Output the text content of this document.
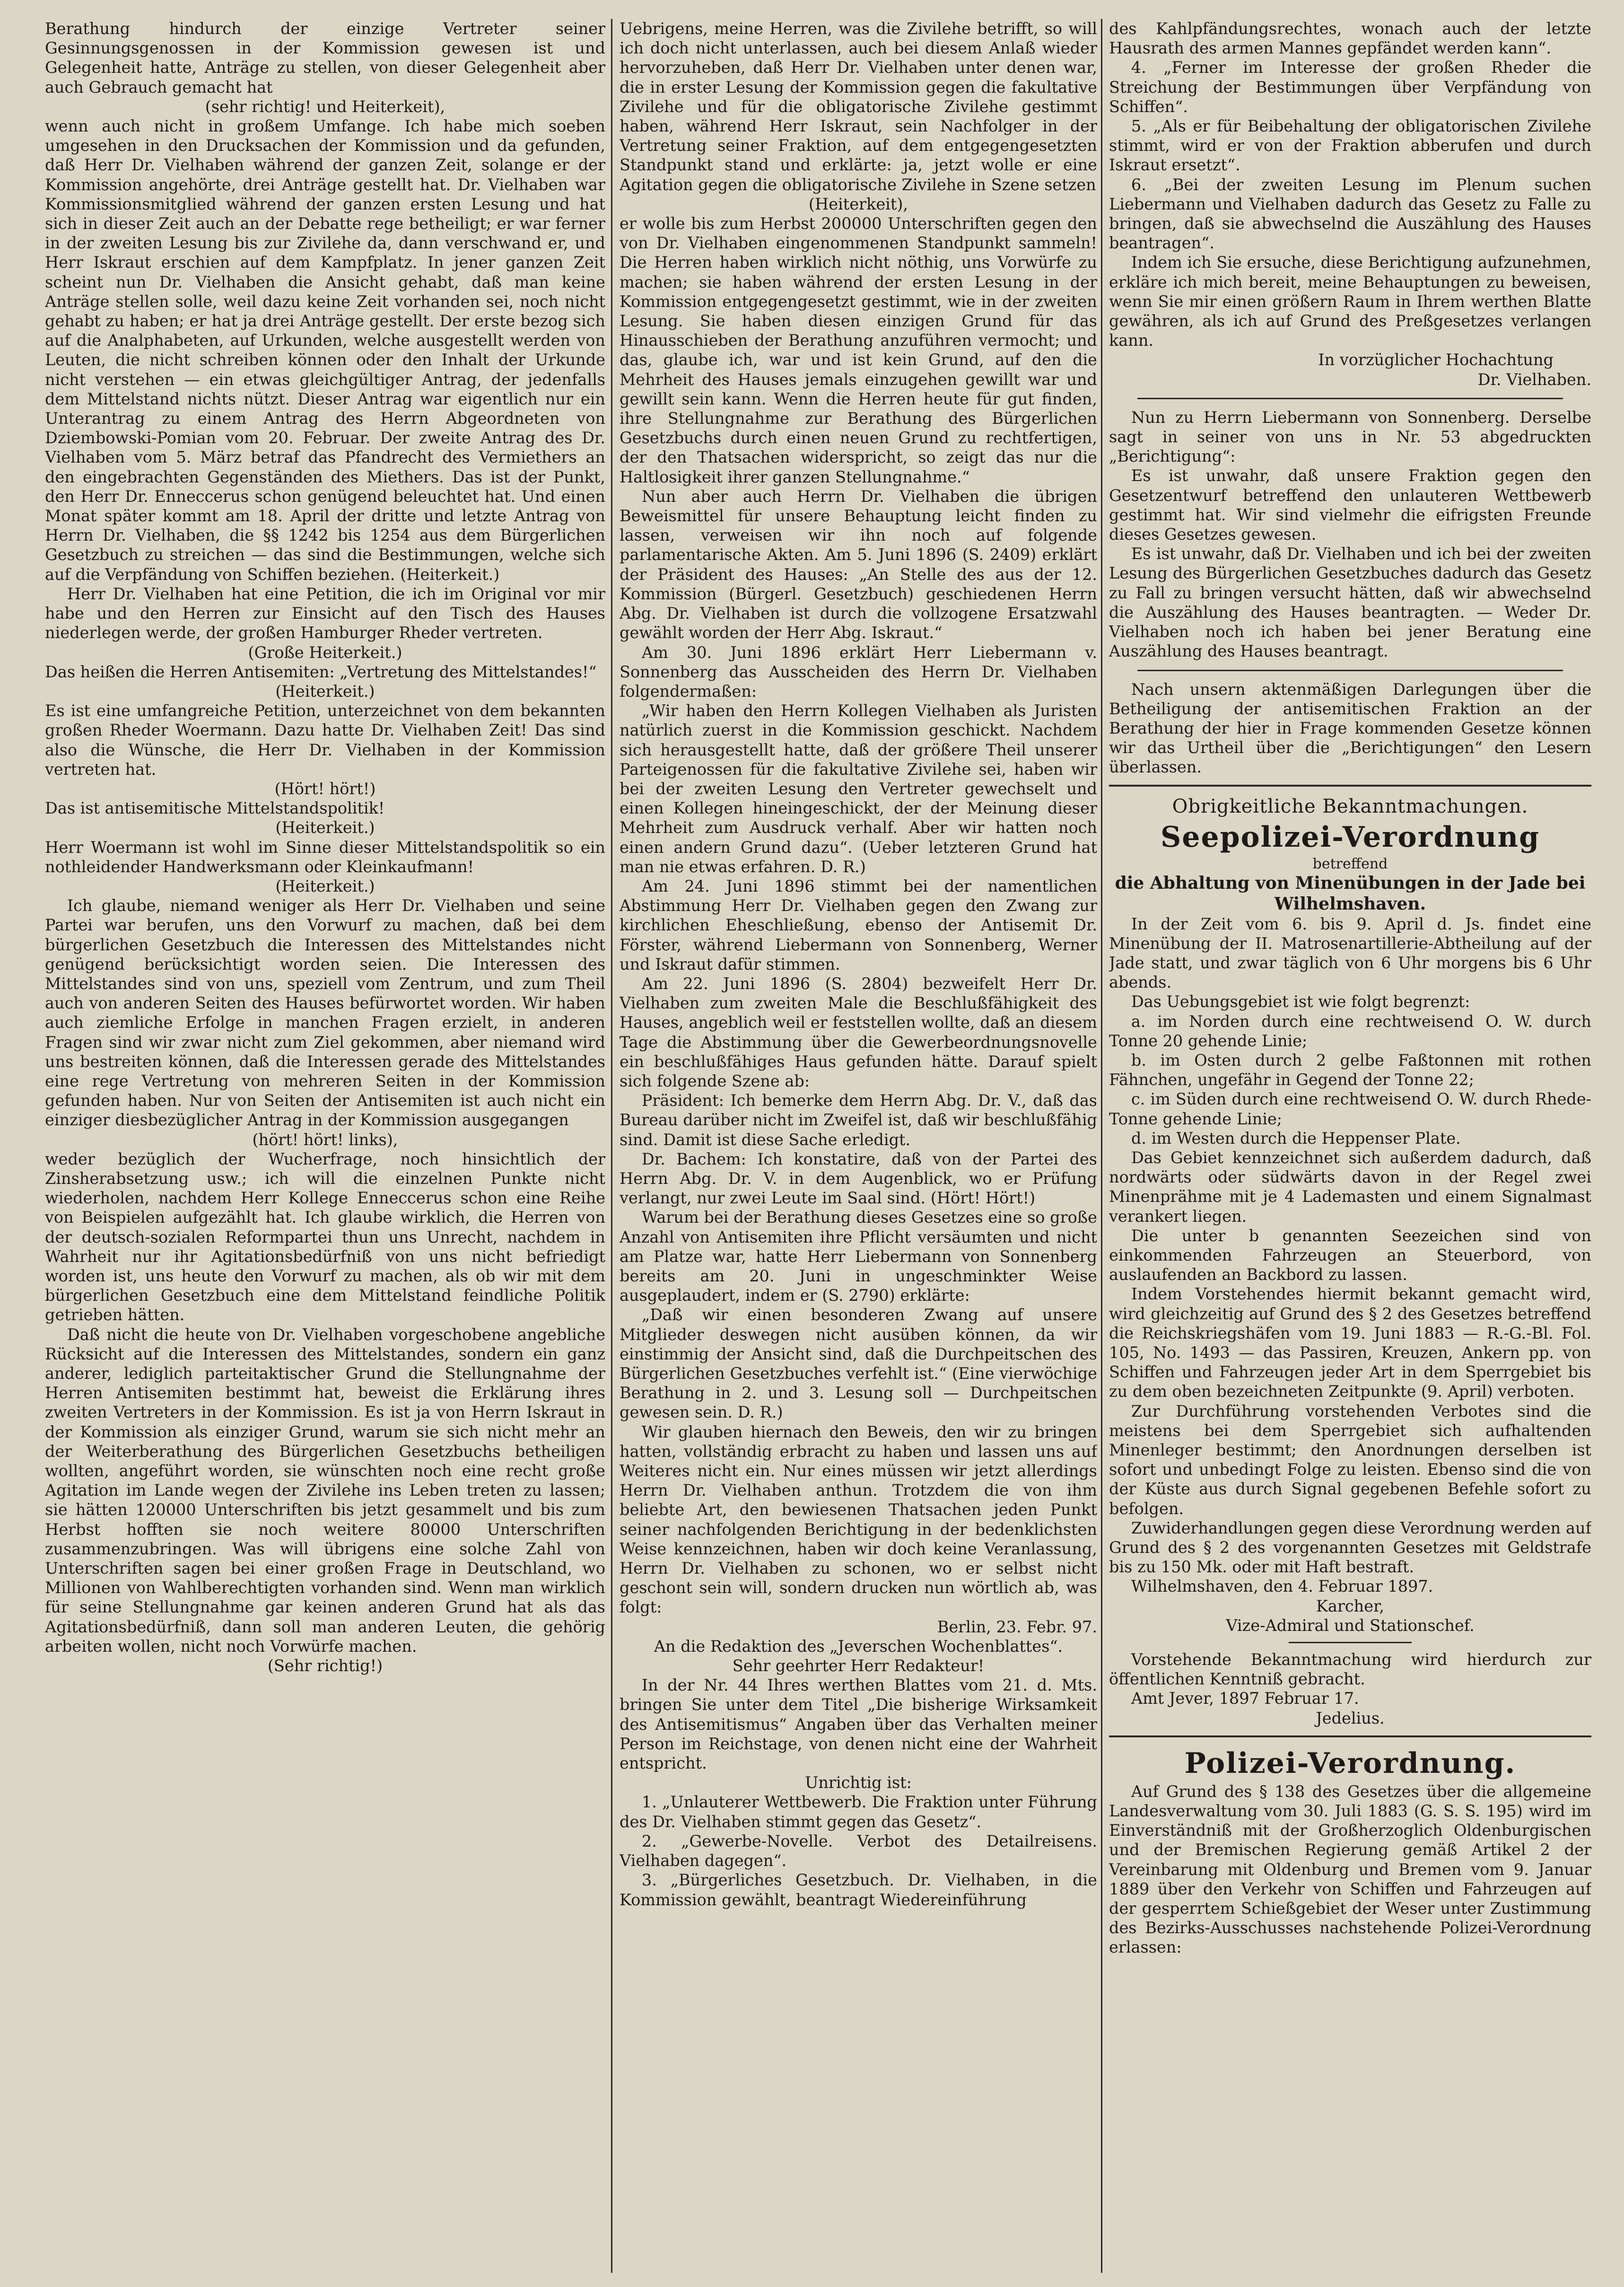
Berathung hindurch der einzige Vertreter seiner Gesinnungsgenossen in der Kommission gewesen ist und Gelegenheit hatte, Anträge zu stellen, von dieser Gelegenheit aber auch Gebrauch gemacht hat

(sehr richtig! und Heiterkeit),

wenn auch nicht in großem Umfange. Ich habe mich soeben umgesehen in den Drucksachen der Kommission und da gefunden, daß Herr Dr. Vielhaben während der ganzen Zeit, solange er der Kommission angehörte, drei Anträge gestellt hat. Dr. Vielhaben war Kommissionsmitglied während der ganzen ersten Lesung und hat sich in dieser Zeit auch an der Debatte rege betheiligt; er war ferner in der zweiten Lesung bis zur Zivilehe da, dann verschwand er, und Herr Iskraut erschien auf dem Kampfplatz. In jener ganzen Zeit scheint nun Dr. Vielhaben die Ansicht gehabt, daß man keine Anträge stellen solle, weil dazu keine Zeit vorhanden sei, noch nicht gehabt zu haben; er hat ja drei Anträge gestellt. Der erste bezog sich auf die Analphabeten, auf Urkunden, welche ausgestellt werden von Leuten, die nicht schreiben können oder den Inhalt der Urkunde nicht verstehen — ein etwas gleichgültiger Antrag, der jedenfalls dem Mittelstand nichts nützt. Dieser Antrag war eigentlich nur ein Unterantrag zu einem Antrag des Herrn Abgeordneten von Dziembowski-Pomian vom 20. Februar. Der zweite Antrag des Dr. Vielhaben vom 5. März betraf das Pfandrecht des Vermiethers an den eingebrachten Gegenständen des Miethers. Das ist der Punkt, den Herr Dr. Enneccerus schon genügend beleuchtet hat. Und einen Monat später kommt am 18. April der dritte und letzte Antrag von Herrn Dr. Vielhaben, die §§ 1242 bis 1254 aus dem Bürgerlichen Gesetzbuch zu streichen — das sind die Bestimmungen, welche sich auf die Verpfändung von Schiffen beziehen. (Heiterkeit.)

Herr Dr. Vielhaben hat eine Petition, die ich im Original vor mir habe und den Herren zur Einsicht auf den Tisch des Hauses niederlegen werde, der großen Hamburger Rheder vertreten.

(Große Heiterkeit.)

Das heißen die Herren Antisemiten: „Vertretung des Mittelstandes!“

(Heiterkeit.)

Es ist eine umfangreiche Petition, unterzeichnet von dem bekannten großen Rheder Woermann. Dazu hatte Dr. Vielhaben Zeit! Das sind also die Wünsche, die Herr Dr. Vielhaben in der Kommission vertreten hat.

(Hört! hört!)

Das ist antisemitische Mittelstandspolitik!

(Heiterkeit.)

Herr Woermann ist wohl im Sinne dieser Mittelstandspolitik so ein nothleidender Handwerksmann oder Kleinkaufmann!

(Heiterkeit.)

Ich glaube, niemand weniger als Herr Dr. Vielhaben und seine Partei war berufen, uns den Vorwurf zu machen, daß bei dem bürgerlichen Gesetzbuch die Interessen des Mittelstandes nicht genügend berücksichtigt worden seien. Die Interessen des Mittelstandes sind von uns, speziell vom Zentrum, und zum Theil auch von anderen Seiten des Hauses befürwortet worden. Wir haben auch ziemliche Erfolge in manchen Fragen erzielt, in anderen Fragen sind wir zwar nicht zum Ziel gekommen, aber niemand wird uns bestreiten können, daß die Interessen gerade des Mittelstandes eine rege Vertretung von mehreren Seiten in der Kommission gefunden haben. Nur von Seiten der Antisemiten ist auch nicht ein einziger diesbezüglicher Antrag in der Kommission ausgegangen

(hört! hört! links),

weder bezüglich der Wucherfrage, noch hinsichtlich der Zinsherabsetzung usw.; ich will die einzelnen Punkte nicht wiederholen, nachdem Herr Kollege Enneccerus schon eine Reihe von Beispielen aufgezählt hat. Ich glaube wirklich, die Herren von der deutsch-sozialen Reformpartei thun uns Unrecht, nachdem in Wahrheit nur ihr Agitationsbedürfniß von uns nicht befriedigt worden ist, uns heute den Vorwurf zu machen, als ob wir mit dem bürgerlichen Gesetzbuch eine dem Mittelstand feindliche Politik getrieben hätten.

Daß nicht die heute von Dr. Vielhaben vorgeschobene angebliche Rücksicht auf die Interessen des Mittelstandes, sondern ein ganz anderer, lediglich parteitaktischer Grund die Stellungnahme der Herren Antisemiten bestimmt hat, beweist die Erklärung ihres zweiten Vertreters in der Kommission. Es ist ja von Herrn Iskraut in der Kommission als einziger Grund, warum sie sich nicht mehr an der Weiterberathung des Bürgerlichen Gesetzbuchs betheiligen wollten, angeführt worden, sie wünschten noch eine recht große Agitation im Lande wegen der Zivilehe ins Leben treten zu lassen; sie hätten 120000 Unterschriften bis jetzt gesammelt und bis zum Herbst hofften sie noch weitere 80000 Unterschriften zusammenzubringen. Was will übrigens eine solche Zahl von Unterschriften sagen bei einer großen Frage in Deutschland, wo Millionen von Wahlberechtigten vorhanden sind. Wenn man wirklich für seine Stellungnahme gar keinen anderen Grund hat als das Agitationsbedürfniß, dann soll man anderen Leuten, die gehörig arbeiten wollen, nicht noch Vorwürfe machen.

(Sehr richtig!)

Uebrigens, meine Herren, was die Zivilehe betrifft, so will ich doch nicht unterlassen, auch bei diesem Anlaß wieder hervorzuheben, daß Herr Dr. Vielhaben unter denen war, die in erster Lesung der Kommission gegen die fakultative Zivilehe und für die obligatorische Zivilehe gestimmt haben, während Herr Iskraut, sein Nachfolger in der Vertretung seiner Fraktion, auf dem entgegengesetzten Standpunkt stand und erklärte: ja, jetzt wolle er eine Agitation gegen die obligatorische Zivilehe in Szene setzen

(Heiterkeit),

er wolle bis zum Herbst 200000 Unterschriften gegen den von Dr. Vielhaben eingenommenen Standpunkt sammeln! Die Herren haben wirklich nicht nöthig, uns Vorwürfe zu machen; sie haben während der ersten Lesung in der Kommission entgegengesetzt gestimmt, wie in der zweiten Lesung. Sie haben diesen einzigen Grund für das Hinausschieben der Berathung anzuführen vermocht; und das, glaube ich, war und ist kein Grund, auf den die Mehrheit des Hauses jemals einzugehen gewillt war und gewillt sein kann. Wenn die Herren heute für gut finden, ihre Stellungnahme zur Berathung des Bürgerlichen Gesetzbuchs durch einen neuen Grund zu rechtfertigen, der den Thatsachen widerspricht, so zeigt das nur die Haltlosigkeit ihrer ganzen Stellungnahme.“

Nun aber auch Herrn Dr. Vielhaben die übrigen Beweismittel für unsere Behauptung leicht finden zu lassen, verweisen wir ihn noch auf folgende parlamentarische Akten. Am 5. Juni 1896 (S. 2409) erklärt der Präsident des Hauses: „An Stelle des aus der 12. Kommission (Bürgerl. Gesetzbuch) geschiedenen Herrn Abg. Dr. Vielhaben ist durch die vollzogene Ersatzwahl gewählt worden der Herr Abg. Iskraut.“

Am 30. Juni 1896 erklärt Herr Liebermann v. Sonnenberg das Ausscheiden des Herrn Dr. Vielhaben folgendermaßen:

„Wir haben den Herrn Kollegen Vielhaben als Juristen natürlich zuerst in die Kommission geschickt. Nachdem sich herausgestellt hatte, daß der größere Theil unserer Parteigenossen für die fakultative Zivilehe sei, haben wir bei der zweiten Lesung den Vertreter gewechselt und einen Kollegen hineingeschickt, der der Meinung dieser Mehrheit zum Ausdruck verhalf. Aber wir hatten noch einen andern Grund dazu“. (Ueber letzteren Grund hat man nie etwas erfahren. D. R.)

Am 24. Juni 1896 stimmt bei der namentlichen Abstimmung Herr Dr. Vielhaben gegen den Zwang zur kirchlichen Eheschließung, ebenso der Antisemit Dr. Förster, während Liebermann von Sonnenberg, Werner und Iskraut dafür stimmen.

Am 22. Juni 1896 (S. 2804) bezweifelt Herr Dr. Vielhaben zum zweiten Male die Beschlußfähigkeit des Hauses, angeblich weil er feststellen wollte, daß an diesem Tage die Abstimmung über die Gewerbeordnungsnovelle ein beschlußfähiges Haus gefunden hätte. Darauf spielt sich folgende Szene ab:

Präsident: Ich bemerke dem Herrn Abg. Dr. V., daß das Bureau darüber nicht im Zweifel ist, daß wir beschlußfähig sind. Damit ist diese Sache erledigt.

Dr. Bachem: Ich konstatire, daß von der Partei des Herrn Abg. Dr. V. in dem Augenblick, wo er Prüfung verlangt, nur zwei Leute im Saal sind. (Hört! Hört!)

Warum bei der Berathung dieses Gesetzes eine so große Anzahl von Antisemiten ihre Pflicht versäumten und nicht am Platze war, hatte Herr Liebermann von Sonnenberg bereits am 20. Juni in ungeschminkter Weise ausgeplaudert, indem er (S. 2790) erklärte:

„Daß wir einen besonderen Zwang auf unsere Mitglieder deswegen nicht ausüben können, da wir einstimmig der Ansicht sind, daß die Durchpeitschen des Bürgerlichen Gesetzbuches verfehlt ist.“ (Eine vierwöchige Berathung in 2. und 3. Lesung soll — Durchpeitschen gewesen sein. D. R.)

Wir glauben hiernach den Beweis, den wir zu bringen hatten, vollständig erbracht zu haben und lassen uns auf Weiteres nicht ein. Nur eines müssen wir jetzt allerdings Herrn Dr. Vielhaben anthun. Trotzdem die von ihm beliebte Art, den bewiesenen Thatsachen jeden Punkt seiner nachfolgenden Berichtigung in der bedenklichsten Weise kennzeichnen, haben wir doch keine Veranlassung, Herrn Dr. Vielhaben zu schonen, wo er selbst nicht geschont sein will, sondern drucken nun wörtlich ab, was folgt:

Berlin, 23. Febr. 97.

An die Redaktion des „Jeverschen Wochenblattes“.

Sehr geehrter Herr Redakteur!

In der Nr. 44 Ihres werthen Blattes vom 21. d. Mts. bringen Sie unter dem Titel „Die bisherige Wirksamkeit des Antisemitismus“ Angaben über das Verhalten meiner Person im Reichstage, von denen nicht eine der Wahrheit entspricht.

Unrichtig ist:

1. „Unlauterer Wettbewerb. Die Fraktion unter Führung des Dr. Vielhaben stimmt gegen das Gesetz“.

2. „Gewerbe-Novelle. Verbot des Detailreisens. Vielhaben dagegen“.

3. „Bürgerliches Gesetzbuch. Dr. Vielhaben, in die Kommission gewählt, beantragt Wiedereinführung

des Kahlpfändungsrechtes, wonach auch der letzte Hausrath des armen Mannes gepfändet werden kann“.

4. „Ferner im Interesse der großen Rheder die Streichung der Bestimmungen über Verpfändung von Schiffen“.

5. „Als er für Beibehaltung der obligatorischen Zivilehe stimmt, wird er von der Fraktion abberufen und durch Iskraut ersetzt“.

6. „Bei der zweiten Lesung im Plenum suchen Liebermann und Vielhaben dadurch das Gesetz zu Falle zu bringen, daß sie abwechselnd die Auszählung des Hauses beantragen“.

Indem ich Sie ersuche, diese Berichtigung aufzunehmen, erkläre ich mich bereit, meine Behauptungen zu beweisen, wenn Sie mir einen größern Raum in Ihrem werthen Blatte gewähren, als ich auf Grund des Preßgesetzes verlangen kann.

In vorzüglicher Hochachtung

Dr. Vielhaben.

Nun zu Herrn Liebermann von Sonnenberg. Derselbe sagt in seiner von uns in Nr. 53 abgedruckten „Berichtigung“:

Es ist unwahr, daß unsere Fraktion gegen den Gesetzentwurf betreffend den unlauteren Wettbewerb gestimmt hat. Wir sind vielmehr die eifrigsten Freunde dieses Gesetzes gewesen.

Es ist unwahr, daß Dr. Vielhaben und ich bei der zweiten Lesung des Bürgerlichen Gesetzbuches dadurch das Gesetz zu Fall zu bringen versucht hätten, daß wir abwechselnd die Auszählung des Hauses beantragten. — Weder Dr. Vielhaben noch ich haben bei jener Beratung eine Auszählung des Hauses beantragt.

Nach unsern aktenmäßigen Darlegungen über die Betheiligung der antisemitischen Fraktion an der Berathung der hier in Frage kommenden Gesetze können wir das Urtheil über die „Berichtigungen“ den Lesern überlassen.

Obrigkeitliche Bekanntmachungen.
Seepolizei-Verordnung
betreffend
die Abhaltung von Minenübungen in der Jade bei Wilhelmshaven.

In der Zeit vom 6. bis 9. April d. Js. findet eine Minenübung der II. Matrosenartillerie-Abtheilung auf der Jade statt, und zwar täglich von 6 Uhr morgens bis 6 Uhr abends.

Das Uebungsgebiet ist wie folgt begrenzt:

a. im Norden durch eine rechtweisend O. W. durch Tonne 20 gehende Linie;

b. im Osten durch 2 gelbe Faßtonnen mit rothen Fähnchen, ungefähr in Gegend der Tonne 22;

c. im Süden durch eine rechtweisend O. W. durch Rhede-Tonne gehende Linie;

d. im Westen durch die Heppenser Plate.

Das Gebiet kennzeichnet sich außerdem dadurch, daß nordwärts oder südwärts davon in der Regel zwei Minenprähme mit je 4 Lademasten und einem Signalmast verankert liegen.

Die unter b genannten Seezeichen sind von einkommenden Fahrzeugen an Steuerbord, von auslaufenden an Backbord zu lassen.

Indem Vorstehendes hiermit bekannt gemacht wird, wird gleichzeitig auf Grund des § 2 des Gesetzes betreffend die Reichskriegshäfen vom 19. Juni 1883 — R.-G.-Bl. Fol. 105, No. 1493 — das Passiren, Kreuzen, Ankern pp. von Schiffen und Fahrzeugen jeder Art in dem Sperrgebiet bis zu dem oben bezeichneten Zeitpunkte (9. April) verboten.

Zur Durchführung vorstehenden Verbotes sind die meistens bei dem Sperrgebiet sich aufhaltenden Minenleger bestimmt; den Anordnungen derselben ist sofort und unbedingt Folge zu leisten. Ebenso sind die von der Küste aus durch Signal gegebenen Befehle sofort zu befolgen.

Zuwiderhandlungen gegen diese Verordnung werden auf Grund des § 2 des vorgenannten Gesetzes mit Geldstrafe bis zu 150 Mk. oder mit Haft bestraft.

Wilhelmshaven, den 4. Februar 1897.

Karcher,

Vize-Admiral und Stationschef.

Vorstehende Bekanntmachung wird hierdurch zur öffentlichen Kenntniß gebracht.

Amt Jever, 1897 Februar 17.

Jedelius.

Polizei-Verordnung.

Auf Grund des § 138 des Gesetzes über die allgemeine Landesverwaltung vom 30. Juli 1883 (G. S. S. 195) wird im Einverständniß mit der Großherzoglich Oldenburgischen und der Bremischen Regierung gemäß Artikel 2 der Vereinbarung mit Oldenburg und Bremen vom 9. Januar 1889 über den Verkehr von Schiffen und Fahrzeugen auf der gesperrtem Schießgebiet der Weser unter Zustimmung des Bezirks-Ausschusses nachstehende Polizei-Verordnung erlassen:
